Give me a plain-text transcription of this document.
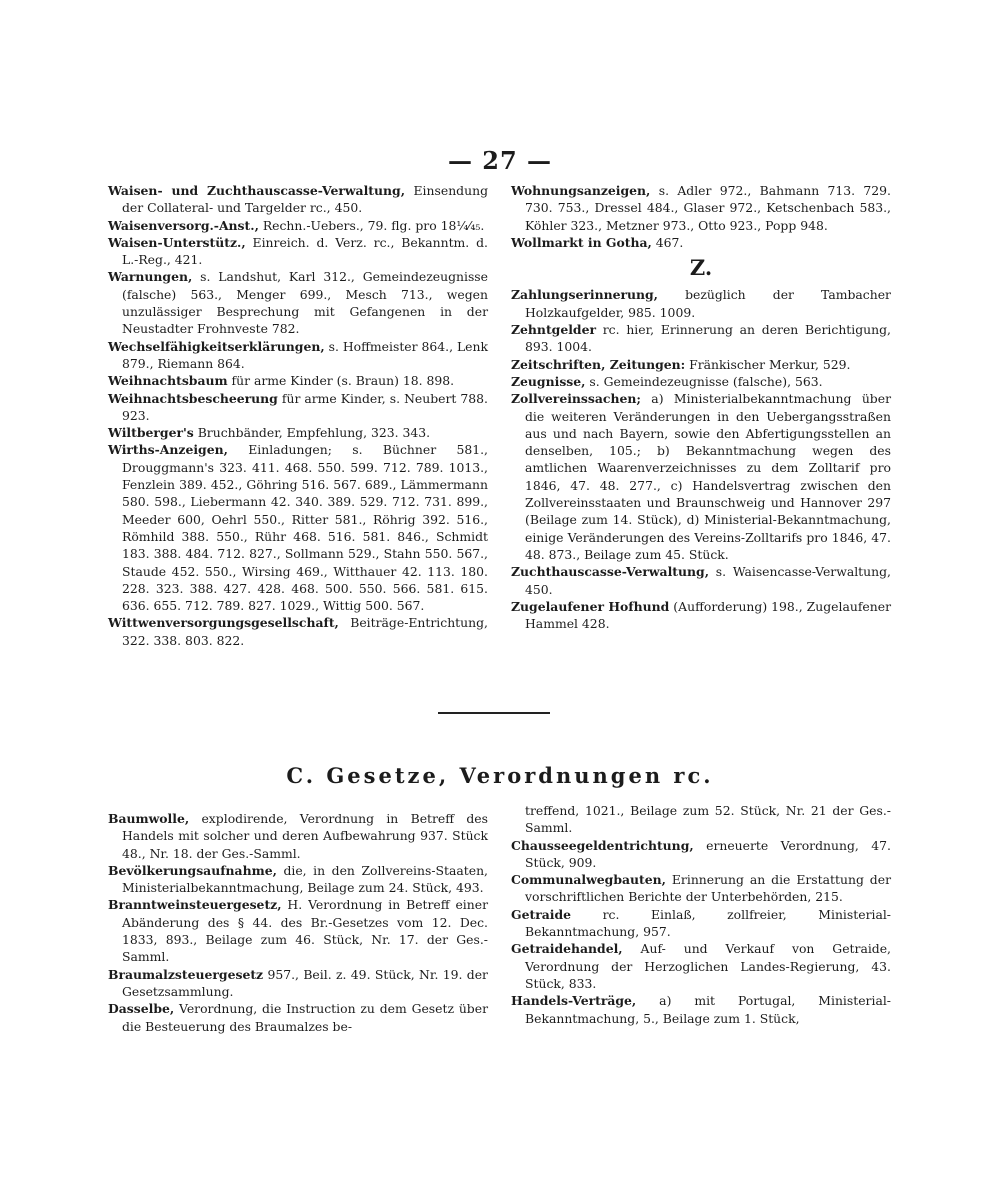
— 27 —

Waisen- und Zuchthauscasse-Verwaltung, Einsendung der Collateral- und Targelder rc., 450.

Waisenversorg.-Anst., Rechn.-Uebers., 79. flg. pro 18¼⁄₄₅.

Waisen-Unterstütz., Einreich. d. Verz. rc., Bekanntm. d. L.-Reg., 421.

Warnungen, s. Landshut, Karl 312., Gemeindezeugnisse (falsche) 563., Menger 699., Mesch 713., wegen unzulässiger Besprechung mit Gefangenen in der Neustadter Frohnveste 782.

Wechselfähigkeitserklärungen, s. Hoffmeister 864., Lenk 879., Riemann 864.

Weihnachtsbaum für arme Kinder (s. Braun) 18. 898.

Weihnachtsbescheerung für arme Kinder, s. Neubert 788. 923.

Wiltberger's Bruchbänder, Empfehlung, 323. 343.

Wirths-Anzeigen, Einladungen; s. Büchner 581., Drouggmann's 323. 411. 468. 550. 599. 712. 789. 1013., Fenzlein 389. 452., Göhring 516. 567. 689., Lämmermann 580. 598., Liebermann 42. 340. 389. 529. 712. 731. 899., Meeder 600, Oehrl 550., Ritter 581., Röhrig 392. 516., Römhild 388. 550., Rühr 468. 516. 581. 846., Schmidt 183. 388. 484. 712. 827., Sollmann 529., Stahn 550. 567., Staude 452. 550., Wirsing 469., Witthauer 42. 113. 180. 228. 323. 388. 427. 428. 468. 500. 550. 566. 581. 615. 636. 655. 712. 789. 827. 1029., Wittig 500. 567.

Wittwenversorgungsgesellschaft, Beiträge-Entrichtung, 322. 338. 803. 822.

Wohnungsanzeigen, s. Adler 972., Bahmann 713. 729. 730. 753., Dressel 484., Glaser 972., Ketschenbach 583., Köhler 323., Metzner 973., Otto 923., Popp 948.

Wollmarkt in Gotha, 467.

Z.

Zahlungserinnerung, bezüglich der Tambacher Holzkaufgelder, 985. 1009.

Zehntgelder rc. hier, Erinnerung an deren Berichtigung, 893. 1004.

Zeitschriften, Zeitungen: Fränkischer Merkur, 529.

Zeugnisse, s. Gemeindezeugnisse (falsche), 563.

Zollvereinssachen; a) Ministerialbekanntmachung über die weiteren Veränderungen in den Uebergangsstraßen aus und nach Bayern, sowie den Abfertigungsstellen an denselben, 105.; b) Bekanntmachung wegen des amtlichen Waarenverzeichnisses zu dem Zolltarif pro 1846, 47. 48. 277., c) Handelsvertrag zwischen den Zollvereinsstaaten und Braunschweig und Hannover 297 (Beilage zum 14. Stück), d) Ministerial-Bekanntmachung, einige Veränderungen des Vereins-Zolltarifs pro 1846, 47. 48. 873., Beilage zum 45. Stück.

Zuchthauscasse-Verwaltung, s. Waisencasse-Verwaltung, 450.

Zugelaufener Hofhund (Aufforderung) 198., Zugelaufener Hammel 428.

C. Gesetze, Verordnungen rc.

Baumwolle, explodirende, Verordnung in Betreff des Handels mit solcher und deren Aufbewahrung 937. Stück 48., Nr. 18. der Ges.-Samml.

Bevölkerungsaufnahme, die, in den Zollvereins-Staaten, Ministerialbekanntmachung, Beilage zum 24. Stück, 493.

Branntweinsteuergesetz, H. Verordnung in Betreff einer Abänderung des § 44. des Br.-Gesetzes vom 12. Dec. 1833, 893., Beilage zum 46. Stück, Nr. 17. der Ges.-Samml.

Braumalzsteuergesetz 957., Beil. z. 49. Stück, Nr. 19. der Gesetzsammlung.

Dasselbe, Verordnung, die Instruction zu dem Gesetz über die Besteuerung des Braumalzes be-

treffend, 1021., Beilage zum 52. Stück, Nr. 21 der Ges.-Samml.

Chausseegeldentrichtung, erneuerte Verordnung, 47. Stück, 909.

Communalwegbauten, Erinnerung an die Erstattung der vorschriftlichen Berichte der Unterbehörden, 215.

Getraide rc. Einlaß, zollfreier, Ministerial-Bekanntmachung, 957.

Getraidehandel, Auf- und Verkauf von Getraide, Verordnung der Herzoglichen Landes-Regierung, 43. Stück, 833.

Handels-Verträge, a) mit Portugal, Ministerial-Bekanntmachung, 5., Beilage zum 1. Stück,
